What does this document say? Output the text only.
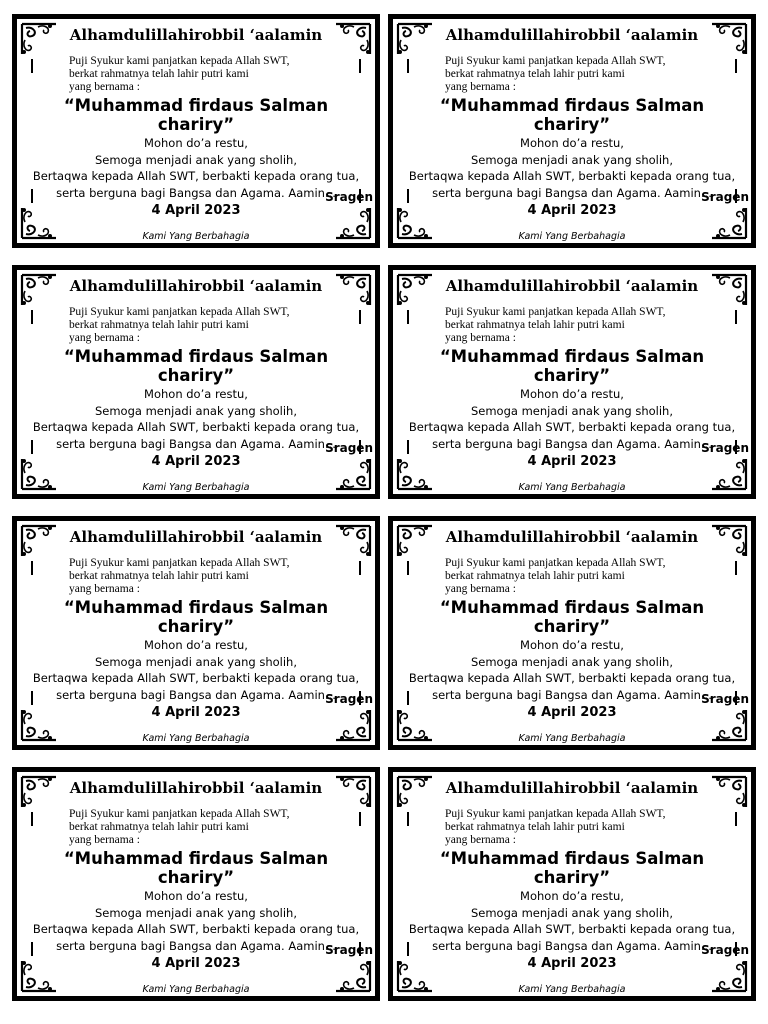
Alhamdulillahirobbil ‘aalamin
Puji Syukur kami panjatkan kepada Allah SWT,
berkat rahmatnya telah lahir putri kami
yang bernama :
“Muhammad firdaus Salman chariry”
Mohon do’a restu,
Semoga menjadi anak yang sholih,
Bertaqwa kepada Allah SWT, berbakti kepada orang tua,
serta berguna bagi Bangsa dan Agama. Aamin...
Sragen
4 April 2023
Kami Yang Berbahagia
Alhamdulillahirobbil ‘aalamin
Puji Syukur kami panjatkan kepada Allah SWT,
berkat rahmatnya telah lahir putri kami
yang bernama :
“Muhammad firdaus Salman chariry”
Mohon do’a restu,
Semoga menjadi anak yang sholih,
Bertaqwa kepada Allah SWT, berbakti kepada orang tua,
serta berguna bagi Bangsa dan Agama. Aamin...
Sragen
4 April 2023
Kami Yang Berbahagia
Alhamdulillahirobbil ‘aalamin
Puji Syukur kami panjatkan kepada Allah SWT,
berkat rahmatnya telah lahir putri kami
yang bernama :
“Muhammad firdaus Salman chariry”
Mohon do’a restu,
Semoga menjadi anak yang sholih,
Bertaqwa kepada Allah SWT, berbakti kepada orang tua,
serta berguna bagi Bangsa dan Agama. Aamin...
Sragen
4 April 2023
Kami Yang Berbahagia
Alhamdulillahirobbil ‘aalamin
Puji Syukur kami panjatkan kepada Allah SWT,
berkat rahmatnya telah lahir putri kami
yang bernama :
“Muhammad firdaus Salman chariry”
Mohon do’a restu,
Semoga menjadi anak yang sholih,
Bertaqwa kepada Allah SWT, berbakti kepada orang tua,
serta berguna bagi Bangsa dan Agama. Aamin...
Sragen
4 April 2023
Kami Yang Berbahagia
Alhamdulillahirobbil ‘aalamin
Puji Syukur kami panjatkan kepada Allah SWT,
berkat rahmatnya telah lahir putri kami
yang bernama :
“Muhammad firdaus Salman chariry”
Mohon do’a restu,
Semoga menjadi anak yang sholih,
Bertaqwa kepada Allah SWT, berbakti kepada orang tua,
serta berguna bagi Bangsa dan Agama. Aamin...
Sragen
4 April 2023
Kami Yang Berbahagia
Alhamdulillahirobbil ‘aalamin
Puji Syukur kami panjatkan kepada Allah SWT,
berkat rahmatnya telah lahir putri kami
yang bernama :
“Muhammad firdaus Salman chariry”
Mohon do’a restu,
Semoga menjadi anak yang sholih,
Bertaqwa kepada Allah SWT, berbakti kepada orang tua,
serta berguna bagi Bangsa dan Agama. Aamin...
Sragen
4 April 2023
Kami Yang Berbahagia
Alhamdulillahirobbil ‘aalamin
Puji Syukur kami panjatkan kepada Allah SWT,
berkat rahmatnya telah lahir putri kami
yang bernama :
“Muhammad firdaus Salman chariry”
Mohon do’a restu,
Semoga menjadi anak yang sholih,
Bertaqwa kepada Allah SWT, berbakti kepada orang tua,
serta berguna bagi Bangsa dan Agama. Aamin...
Sragen
4 April 2023
Kami Yang Berbahagia
Alhamdulillahirobbil ‘aalamin
Puji Syukur kami panjatkan kepada Allah SWT,
berkat rahmatnya telah lahir putri kami
yang bernama :
“Muhammad firdaus Salman chariry”
Mohon do’a restu,
Semoga menjadi anak yang sholih,
Bertaqwa kepada Allah SWT, berbakti kepada orang tua,
serta berguna bagi Bangsa dan Agama. Aamin...
Sragen
4 April 2023
Kami Yang Berbahagia
